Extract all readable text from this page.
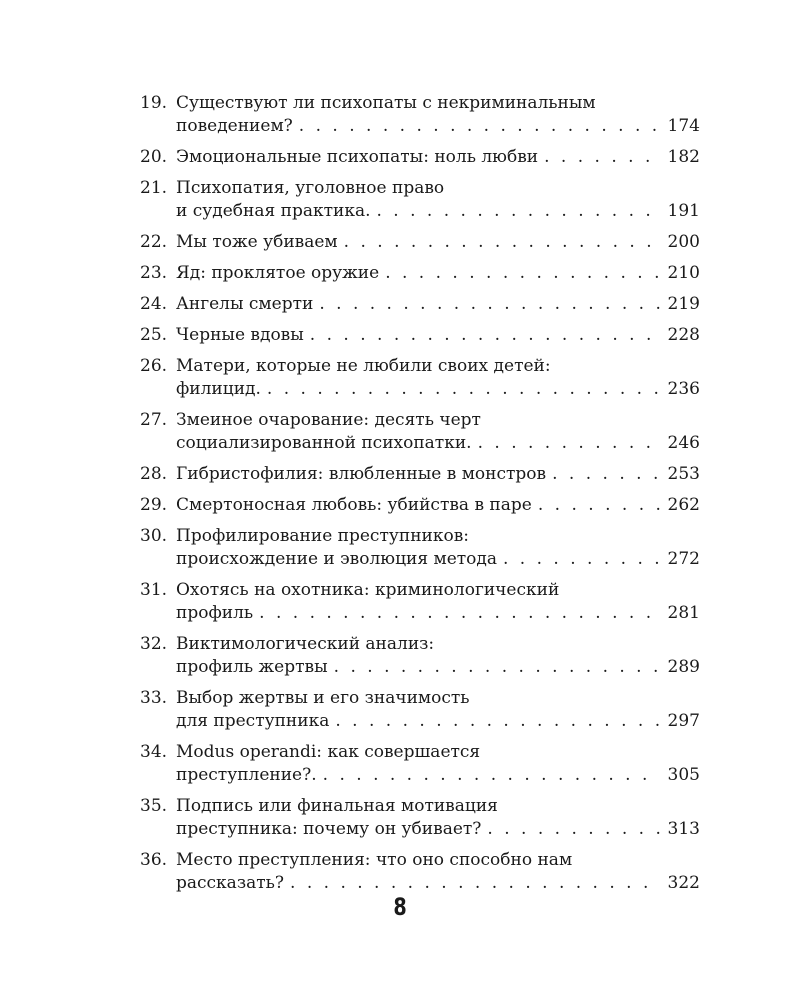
19. Существуют ли психопаты с некриминальным
поведением? . . .	174
20. Эмоциональные психопаты: ноль любви . . .	182
21. Психопатия, уголовное право
и судебная практика. . . .	191
22. Мы тоже убиваем . . .	200
23. Яд: проклятое оружие . . .	210
24. Ангелы смерти . . .	219
25. Черные вдовы . . .	228
26. Матери, которые не любили своих детей:
филицид. . . .	236
27. Змеиное очарование: десять черт
социализированной психопатки. . . .	246
28. Гибристофилия: влюбленные в монстров . . .	253
29. Смертоносная любовь: убийства в паре . . .	262
30. Профилирование преступников:
происхождение и эволюция метода . . .	272
31. Охотясь на охотника: криминологический
профиль . . .	281
32. Виктимологический анализ:
профиль жертвы . . .	289
33. Выбор жертвы и его значимость
для преступника . . .	297
34. Modus operandi: как совершается
преступление?. . . .	305
35. Подпись или финальная мотивация
преступника: почему он убивает? . . .	313
36. Место преступления: что оно способно нам
рассказать? . . .	322
8
